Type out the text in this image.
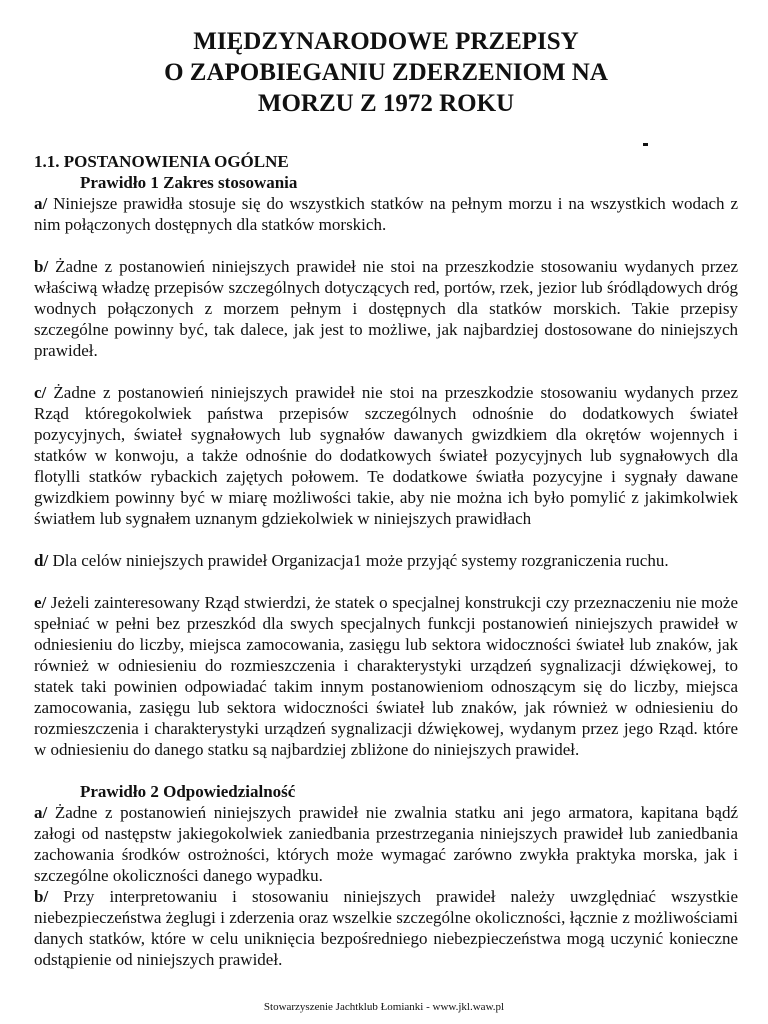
MIĘDZYNARODOWE PRZEPISY
O ZAPOBIEGANIU ZDERZENIOM NA
MORZU Z 1972 ROKU
1.1. POSTANOWIENIA OGÓLNE
Prawidło 1 Zakres stosowania

a/ Niniejsze prawidła stosuje się do wszystkich statków na pełnym morzu i na wszystkich wodach z nim połączonych dostępnych dla statków morskich.

b/ Żadne z postanowień niniejszych prawideł nie stoi na przeszkodzie stosowaniu wydanych przez właściwą władzę przepisów szczególnych dotyczących red, portów, rzek, jezior lub śródlądowych dróg wodnych połączonych z morzem pełnym i dostępnych dla statków morskich. Takie przepisy szczególne powinny być, tak dalece, jak jest to możliwe, jak najbardziej dostosowane do niniejszych prawideł.

c/ Żadne z postanowień niniejszych prawideł nie stoi na przeszkodzie stosowaniu wydanych przez Rząd któregokolwiek państwa przepisów szczególnych odnośnie do dodatkowych świateł pozycyjnych, świateł sygnałowych lub sygnałów dawanych gwizdkiem dla okrętów wojennych i statków w konwoju, a także odnośnie do dodatkowych świateł pozycyjnych lub sygnałowych dla flotylli statków rybackich zajętych połowem. Te dodatkowe światła pozycyjne i sygnały dawane gwizdkiem powinny być w miarę możliwości takie, aby nie można ich było pomylić z jakimkolwiek światłem lub sygnałem uznanym gdziekolwiek w niniejszych prawidłach

d/ Dla celów niniejszych prawideł Organizacja1 może przyjąć systemy rozgraniczenia ruchu.

e/ Jeżeli zainteresowany Rząd stwierdzi, że statek o specjalnej konstrukcji czy przeznaczeniu nie może spełniać w pełni bez przeszkód dla swych specjalnych funkcji postanowień niniejszych prawideł w odniesieniu do liczby, miejsca zamocowania, zasięgu lub sektora widoczności świateł lub znaków, jak również w odniesieniu do rozmieszczenia i charakterystyki urządzeń sygnalizacji dźwiękowej, to statek taki powinien odpowiadać takim innym postanowieniom odnoszącym się do liczby, miejsca zamocowania, zasięgu lub sektora widoczności świateł lub znaków, jak również w odniesieniu do rozmieszczenia i charakterystyki urządzeń sygnalizacji dźwiękowej, wydanym przez jego Rząd. które w odniesieniu do danego statku są najbardziej zbliżone do niniejszych prawideł.

Prawidło 2 Odpowiedzialność

a/ Żadne z postanowień niniejszych prawideł nie zwalnia statku ani jego armatora, kapitana bądź załogi od następstw jakiegokolwiek zaniedbania przestrzegania niniejszych prawideł lub zaniedbania zachowania środków ostrożności, których może wymagać zarówno zwykła praktyka morska, jak i szczególne okoliczności danego wypadku.

b/ Przy interpretowaniu i stosowaniu niniejszych prawideł należy uwzględniać wszystkie niebezpieczeństwa żeglugi i zderzenia oraz wszelkie szczególne okoliczności, łącznie z możliwościami danych statków, które w celu uniknięcia bezpośredniego niebezpieczeństwa mogą uczynić konieczne odstąpienie od niniejszych prawideł.

Stowarzyszenie Jachtklub Łomianki - www.jkl.waw.pl
